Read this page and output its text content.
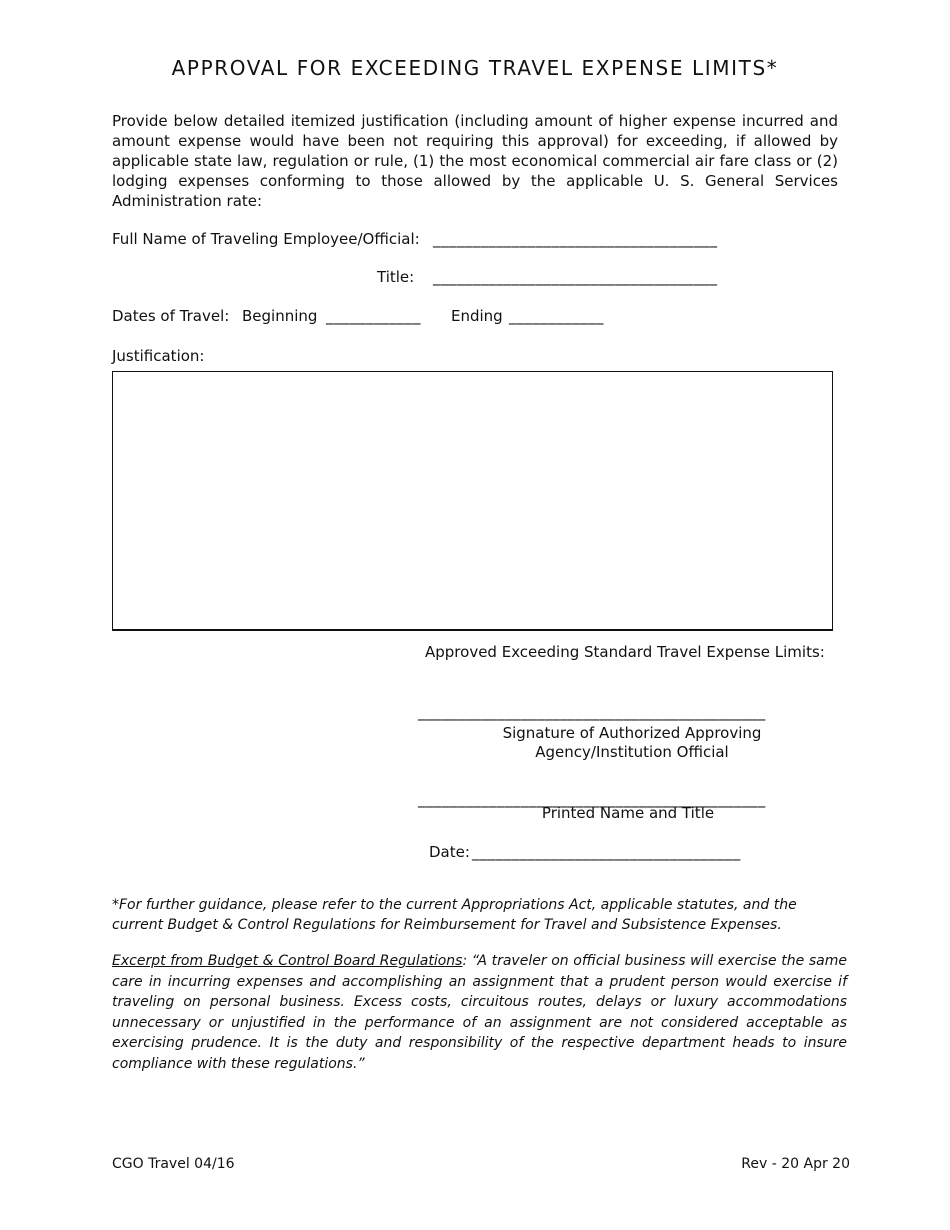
APPROVAL FOR EXCEEDING TRAVEL EXPENSE LIMITS*
Provide below detailed itemized justification (including amount of higher expense incurred and amount expense would have been not requiring this approval) for exceeding, if allowed by applicable state law, regulation or rule, (1) the most economical commercial air fare class or (2) lodging expenses conforming to those allowed by the applicable U. S. General Services Administration rate:
Full Name of Traveling Employee/Official: ____________________________________
Title: ____________________________________
Dates of Travel: Beginning ____________ Ending ____________
Justification:
Approved Exceeding Standard Travel Expense Limits:
____________________________________________
Signature of Authorized Approving
Agency/Institution Official
____________________________________________
Printed Name and Title
Date: __________________________________
*For further guidance, please refer to the current Appropriations Act, applicable statutes, and the current Budget & Control Regulations for Reimbursement for Travel and Subsistence Expenses.
Excerpt from Budget & Control Board Regulations: “A traveler on official business will exercise the same care in incurring expenses and accomplishing an assignment that a prudent person would exercise if traveling on personal business. Excess costs, circuitous routes, delays or luxury accommodations unnecessary or unjustified in the performance of an assignment are not considered acceptable as exercising prudence. It is the duty and responsibility of the respective department heads to insure compliance with these regulations.”
CGO Travel 04/16	Rev - 20 Apr 20
